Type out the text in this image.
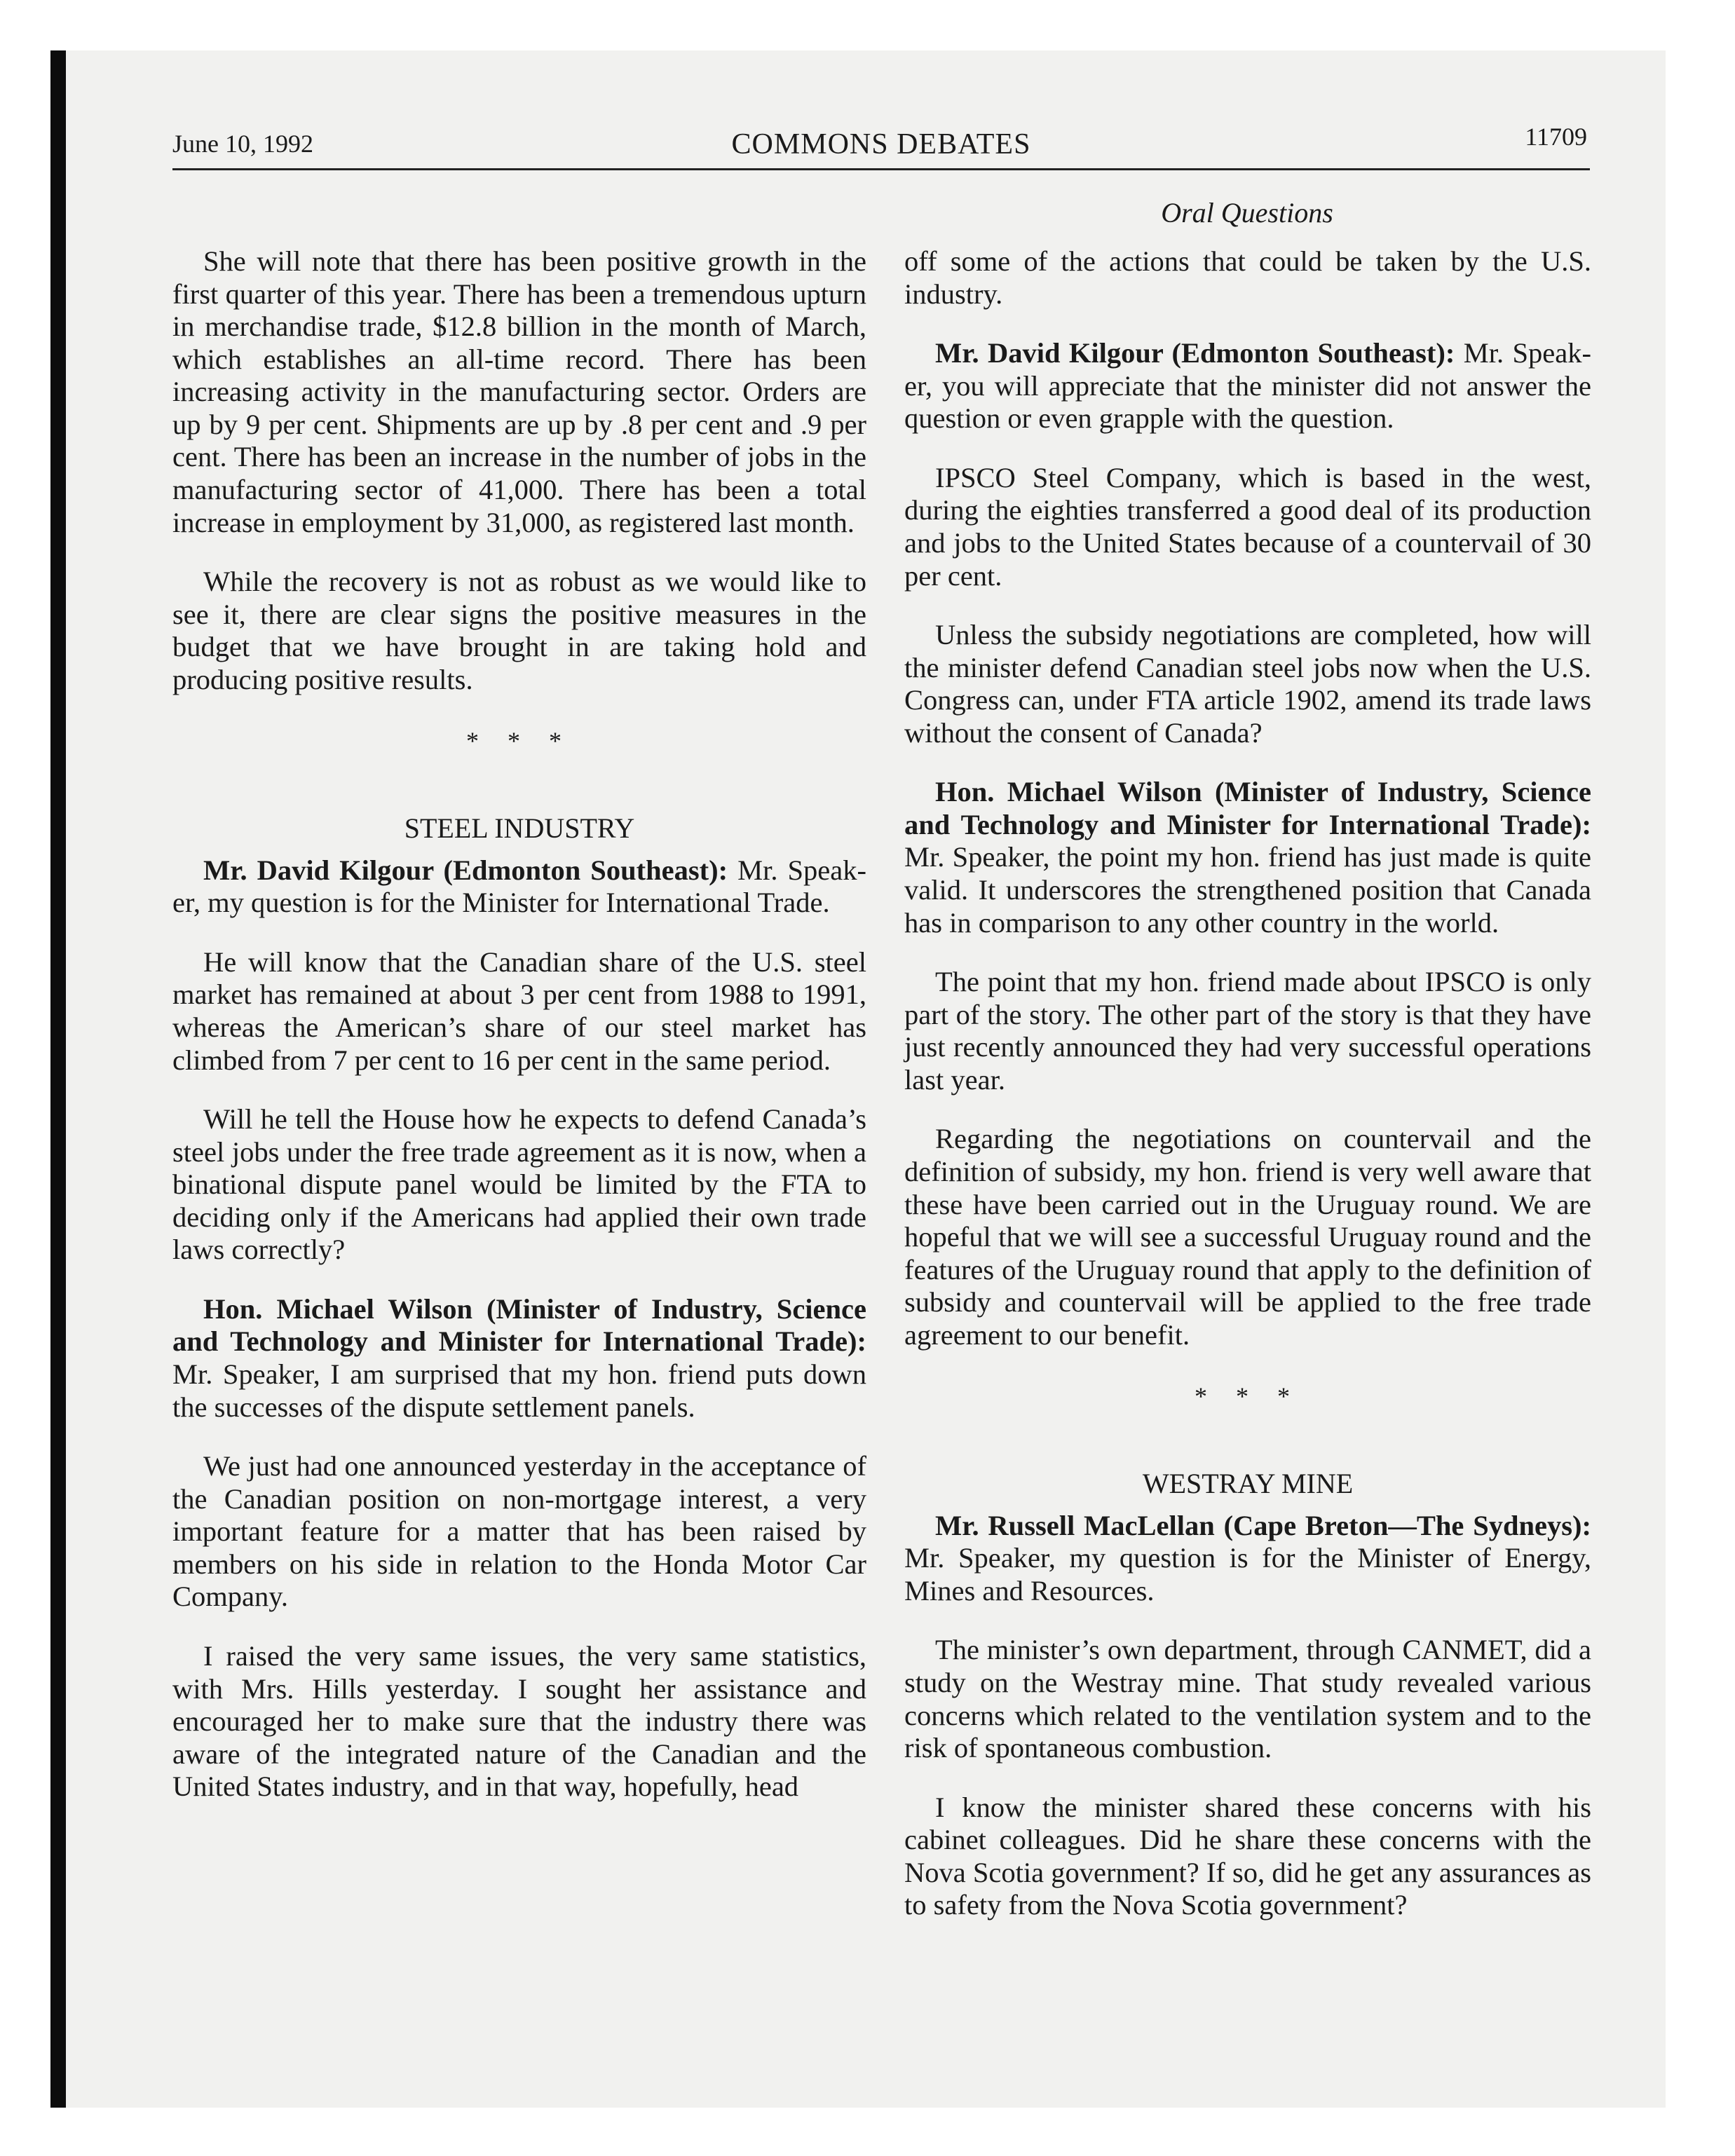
June 10, 1992	COMMONS DEBATES	11709
Oral Questions

She will note that there has been positive growth in the first quarter of this year. There has been a tremendous upturn in merchandise trade, $12.8 billion in the month of March, which establishes an all-time record. There has been increasing activity in the manufacturing sector. Orders are up by 9 per cent. Shipments are up by .8 per cent and .9 per cent. There has been an increase in the number of jobs in the manufacturing sector of 41,000. There has been a total increase in employment by 31,000, as registered last month.

While the recovery is not as robust as we would like to see it, there are clear signs the positive measures in the budget that we have brought in are taking hold and producing positive results.

* * *
STEEL INDUSTRY

Mr. David Kilgour (Edmonton Southeast): Mr. Speaker, my question is for the Minister for International Trade.

He will know that the Canadian share of the U.S. steel market has remained at about 3 per cent from 1988 to 1991, whereas the American’s share of our steel market has climbed from 7 per cent to 16 per cent in the same period.

Will he tell the House how he expects to defend Canada’s steel jobs under the free trade agreement as it is now, when a binational dispute panel would be limited by the FTA to deciding only if the Americans had applied their own trade laws correctly?

Hon. Michael Wilson (Minister of Industry, Science and Technology and Minister for International Trade): Mr. Speaker, I am surprised that my hon. friend puts down the successes of the dispute settlement panels.

We just had one announced yesterday in the acceptance of the Canadian position on non-mortgage interest, a very important feature for a matter that has been raised by members on his side in relation to the Honda Motor Car Company.

I raised the very same issues, the very same statistics, with Mrs. Hills yesterday. I sought her assistance and encouraged her to make sure that the industry there was aware of the integrated nature of the Canadian and the United States industry, and in that way, hopefully, head

off some of the actions that could be taken by the U.S. industry.

Mr. David Kilgour (Edmonton Southeast): Mr. Speaker, you will appreciate that the minister did not answer the question or even grapple with the question.

IPSCO Steel Company, which is based in the west, during the eighties transferred a good deal of its production and jobs to the United States because of a countervail of 30 per cent.

Unless the subsidy negotiations are completed, how will the minister defend Canadian steel jobs now when the U.S. Congress can, under FTA article 1902, amend its trade laws without the consent of Canada?

Hon. Michael Wilson (Minister of Industry, Science and Technology and Minister for International Trade): Mr. Speaker, the point my hon. friend has just made is quite valid. It underscores the strengthened position that Canada has in comparison to any other country in the world.

The point that my hon. friend made about IPSCO is only part of the story. The other part of the story is that they have just recently announced they had very successful operations last year.

Regarding the negotiations on countervail and the definition of subsidy, my hon. friend is very well aware that these have been carried out in the Uruguay round. We are hopeful that we will see a successful Uruguay round and the features of the Uruguay round that apply to the definition of subsidy and countervail will be applied to the free trade agreement to our benefit.

* * *
WESTRAY MINE

Mr. Russell MacLellan (Cape Breton—The Sydneys): Mr. Speaker, my question is for the Minister of Energy, Mines and Resources.

The minister’s own department, through CANMET, did a study on the Westray mine. That study revealed various concerns which related to the ventilation system and to the risk of spontaneous combustion.

I know the minister shared these concerns with his cabinet colleagues. Did he share these concerns with the Nova Scotia government? If so, did he get any assurances as to safety from the Nova Scotia government?
